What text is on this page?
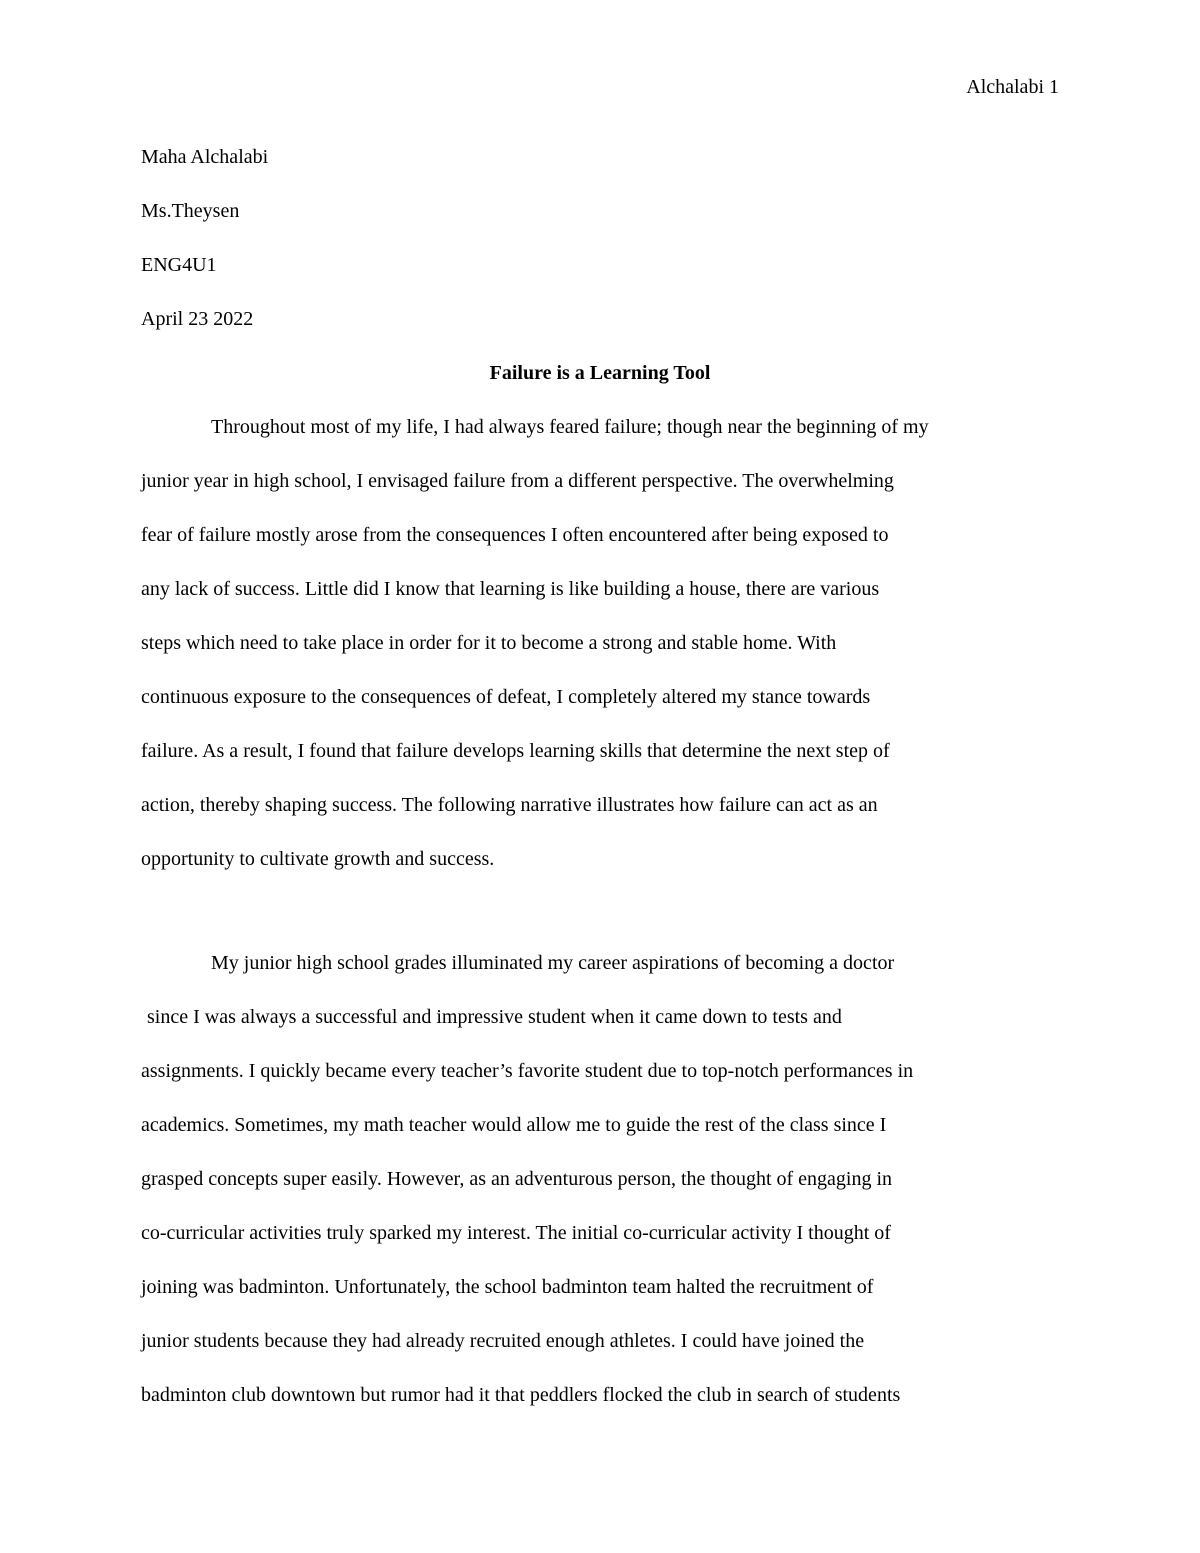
Alchalabi 1
Maha Alchalabi
Ms.Theysen
ENG4U1
April 23 2022
Failure is a Learning Tool
Throughout most of my life, I had always feared failure; though near the beginning of my
junior year in high school, I envisaged failure from a different perspective. The overwhelming
fear of failure mostly arose from the consequences I often encountered after being exposed to
any lack of success. Little did I know that learning is like building a house, there are various
steps which need to take place in order for it to become a strong and stable home. With
continuous exposure to the consequences of defeat, I completely altered my stance towards
failure. As a result, I found that failure develops learning skills that determine the next step of
action, thereby shaping success. The following narrative illustrates how failure can act as an
opportunity to cultivate growth and success.
My junior high school grades illuminated my career aspirations of becoming a doctor
since I was always a successful and impressive student when it came down to tests and
assignments. I quickly became every teacher’s favorite student due to top-notch performances in
academics. Sometimes, my math teacher would allow me to guide the rest of the class since I
grasped concepts super easily. However, as an adventurous person, the thought of engaging in
co-curricular activities truly sparked my interest. The initial co-curricular activity I thought of
joining was badminton. Unfortunately, the school badminton team halted the recruitment of
junior students because they had already recruited enough athletes. I could have joined the
badminton club downtown but rumor had it that peddlers flocked the club in search of students
